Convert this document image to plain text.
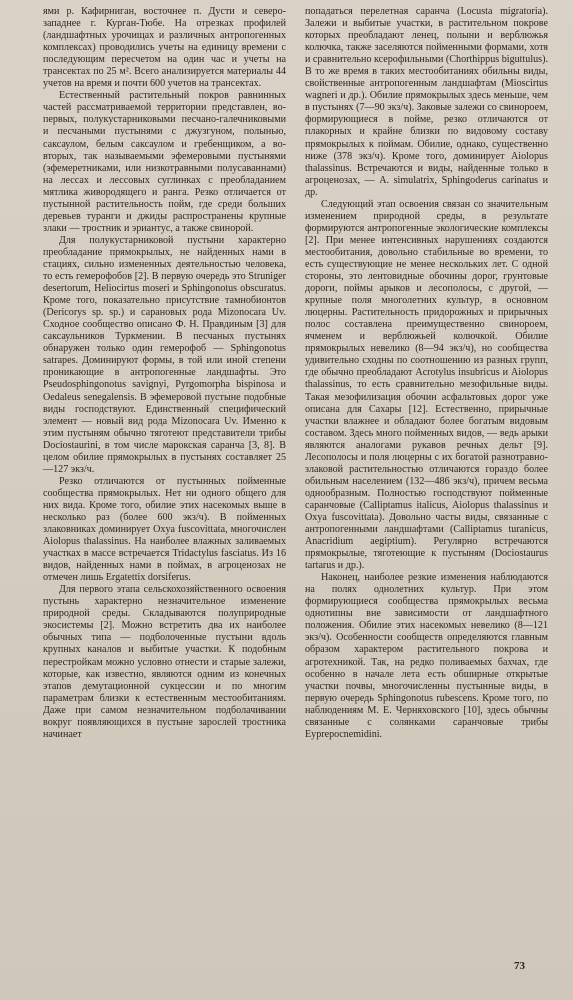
ями р. Кафирниган, восточнее п. Дусти и северо-западнее г. Курган-Тюбе. На отрезках профилей (ландшафтных урочищах и различных антропогенных комплексах) проводились учеты на единицу времени с последующим пересчетом на один час и учеты на трансектах по 25 м². Всего анализируется материалы 44 учетов на время и почти 600 учетов на трансектах.

Естественный растительный покров равнинных частей рассматриваемой территории представлен, во-первых, полукустарниковыми песчано-галечниковыми и песчаными пустынями с джузгуном, полынью, саксаулом, белым саксаулом и гребенщиком, а во-вторых, так называемыми эфемеровыми пустынями (эфемеретниками, или низкотравными полусаваннами) на лессах и лессовых суглинках с преобладанием мятлика живородящего и ранга. Резко отличается от пустынной растительность пойм, где среди больших деревьев туранги и джиды распространены крупные злаки — тростник и эриантус, а также свинорой.

Для полукустарниковой пустыни характерно преобладание прямокрылых, не найденных нами в стациях, сильно измененных деятельностью человека, то есть гемерофобов [2]. В первую очередь это Struniger desertorum, Heliocirtus moseri и Sphingonotus obscuratus. Кроме того, показательно присутствие тамнобионтов (Dericorys sp. sp.) и сарановых рода Mizonocara Uv. Сходное сообщество описано Ф. Н. Правдиным [3] для саксаульников Туркмении. В песчаных пустынях обнаружен только один гемерофоб — Sphingonotus satrapes. Доминируют формы, в той или иной степени проникающие в антропогенные ландшафты. Это Pseudosphingonotus savignyi, Pyrgomorpha bispinosa и Oedaleus senegalensis. В эфемеровой пустыне подобные виды господствуют. Единственный специфический элемент — новый вид рода Mizonocara Uv. Именно к этим пустыням обычно тяготеют представители трибы Dociostaurini, в том числе марокская саранча [3, 8]. В целом обилие прямокрылых в пустынях составляет 25—127 экз/ч.

Резко отличаются от пустынных пойменные сообщества прямокрылых. Нет ни одного общего для них вида. Кроме того, обилие этих насекомых выше в несколько раз (более 600 экз/ч). В пойменных злаковниках доминирует Oxya fuscovittata, многочислен Aiolopus thalassinus. На наиболее влажных заливаемых участках в массе встречается Tridactylus fasciatus. Из 16 видов, найденных нами в поймах, в агроценозах не отмечен лишь Ergatettix dorsiferus.

Для первого этапа сельскохозяйственного освоения пустынь характерно незначительное изменение природной среды. Складываются полуприродные экосистемы [2]. Можно встретить два их наиболее обычных типа — подболоченные пустыни вдоль крупных каналов и выбитые участки. К подобным перестройкам можно условно отнести и старые залежи, которые, как известно, являются одним из конечных этапов демутационной сукцессии и по многим параметрам близки к естественным местообитаниям. Даже при самом незначительном подболачивании вокруг появляющихся в пустыне зарослей тростника начинает

попадаться перелетная саранча (Locusta migratoria). Залежи и выбитые участки, в растительном покрове которых преобладают ленец, полыни и верблюжья колючка, также заселяются пойменными формами, хотя и сравнительно ксерофильными (Chorthippus biguttulus). В то же время в таких местообитаниях обильны виды, свойственные антропогенным ландшафтам (Mioscirtus wagneri и др.). Обилие прямокрылых здесь меньше, чем в пустынях (7—90 экз/ч). Заковые залежи со свинороем, формирующиеся в пойме, резко отличаются от плакорных и крайне близки по видовому составу прямокрылых к поймам. Обилие, однако, существенно ниже (378 экз/ч). Кроме того, доминирует Aiolopus thalassinus. Встречаются и виды, найденные только в агроценозах, — A. simulatrix, Sphingoderus carinatus и др.

Следующий этап освоения связан со значительным изменением природной среды, в результате формируются антропогенные экологические комплексы [2]. При менее интенсивных нарушениях создаются местообитания, довольно стабильные во времени, то есть существующие не менее нескольких лет. С одной стороны, это лентовидные обочины дорог, грунтовые дороги, поймы арыков и лесополосы, с другой, — крупные поля многолетних культур, в основном люцерны. Растительность придорожных и прирычных полос составлена преимущественно свинороем, ячменем и верблюжьей колючкой. Обилие прямокрылых невелико (8—94 экз/ч), но сообщества удивительно сходны по соотношению из разных групп, где обычно преобладают Acrotylus insubricus и Aiolopus thalassinus, то есть сравнительно мезофильные виды. Такая мезофилизация обочин асфальтовых дорог уже описана для Сахары [12]. Естественно, прирычные участки влажнее и обладают более богатым видовым составом. Здесь много пойменных видов, — ведь арыки являются аналогами рукавов речных дельт [9]. Лесополосы и поля люцерны с их богатой разнотравно-злаковой растительностью отличаются гораздо более обильным населением (132—486 экз/ч), причем весьма однообразным. Полностью господствуют пойменные саранчовые (Calliptamus italicus, Aiolopus thalassinus и Oxya fuscovittata). Довольно часты виды, связанные с антропогенными ландшафтами (Calliptamus turanicus, Anacridium aegiptium). Регулярно встречаются прямокрылые, тяготеющие к пустыням (Dociostaurus tartarus и др.).

Наконец, наиболее резкие изменения наблюдаются на полях однолетних культур. При этом формирующиеся сообщества прямокрылых весьма однотипны вне зависимости от ландшафтного положения. Обилие этих насекомых невелико (8—121 экз/ч). Особенности сообществ определяются главным образом характером растительного покрова и агротехникой. Так, на редко поливаемых бахчах, где особенно в начале лета есть обширные открытые участки почвы, многочисленны пустынные виды, в первую очередь Sphingonotus rubescens. Кроме того, по наблюдениям М. Е. Черняховского [10], здесь обычны связанные с солянками саранчовые трибы Eyprepocnemidini.

73
